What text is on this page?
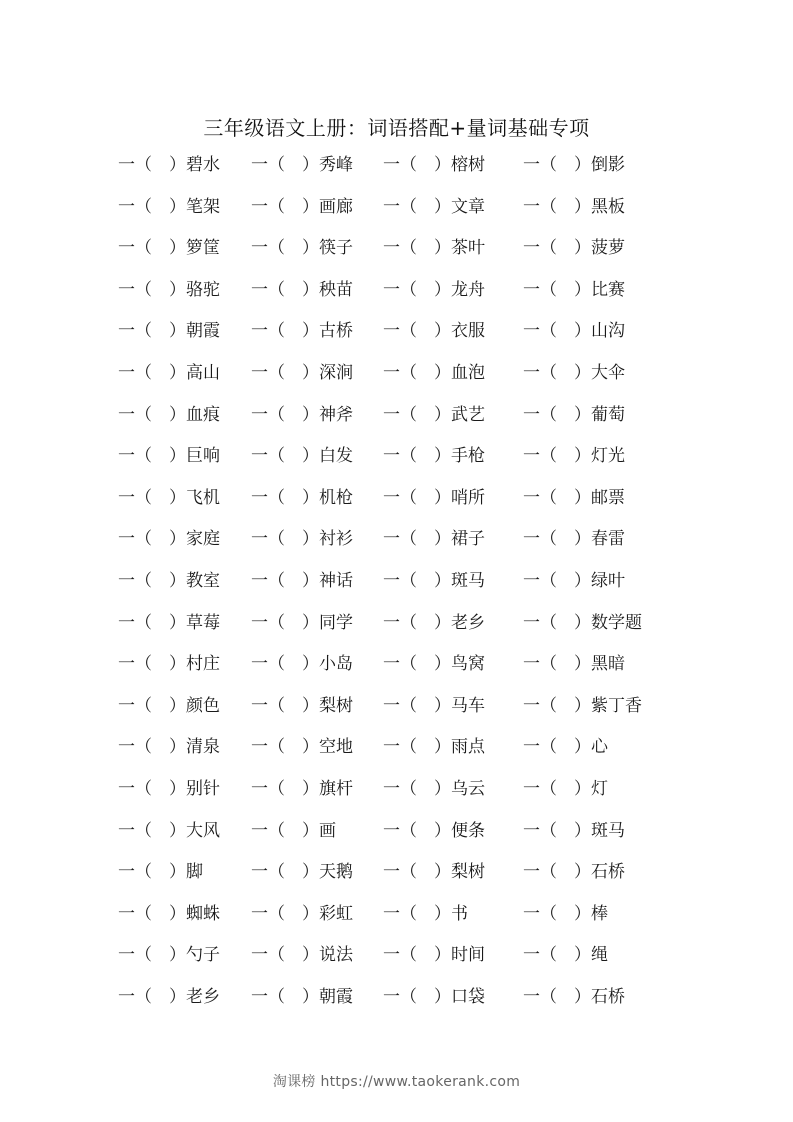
三年级语文上册：词语搭配+量词基础专项
一（　）碧水 一（　）秀峰 一（　）榕树 一（　）倒影
一（　）笔架 一（　）画廊 一（　）文章 一（　）黑板
一（　）箩筐 一（　）筷子 一（　）茶叶 一（　）菠萝
一（　）骆驼 一（　）秧苗 一（　）龙舟 一（　）比赛
一（　）朝霞 一（　）古桥 一（　）衣服 一（　）山沟
一（　）高山 一（　）深涧 一（　）血泡 一（　）大伞
一（　）血痕 一（　）神斧 一（　）武艺 一（　）葡萄
一（　）巨响 一（　）白发 一（　）手枪 一（　）灯光
一（　）飞机 一（　）机枪 一（　）哨所 一（　）邮票
一（　）家庭 一（　）衬衫 一（　）裙子 一（　）春雷
一（　）教室 一（　）神话 一（　）斑马 一（　）绿叶
一（　）草莓 一（　）同学 一（　）老乡 一（　）数学题
一（　）村庄 一（　）小岛 一（　）鸟窝 一（　）黑暗
一（　）颜色 一（　）梨树 一（　）马车 一（　）紫丁香
一（　）清泉 一（　）空地 一（　）雨点 一（　）心
一（　）别针 一（　）旗杆 一（　）乌云 一（　）灯
一（　）大风 一（　）画	一（　）便条 一（　）斑马
一（　）脚	一（　）天鹅 一（　）梨树 一（　）石桥
一（　）蜘蛛 一（　）彩虹 一（　）书	一（　）棒
一（　）勺子 一（　）说法 一（　）时间 一（　）绳
一（　）老乡 一（　）朝霞 一（　）口袋 一（　）石桥
淘课榜 https://www.taokerank.com
